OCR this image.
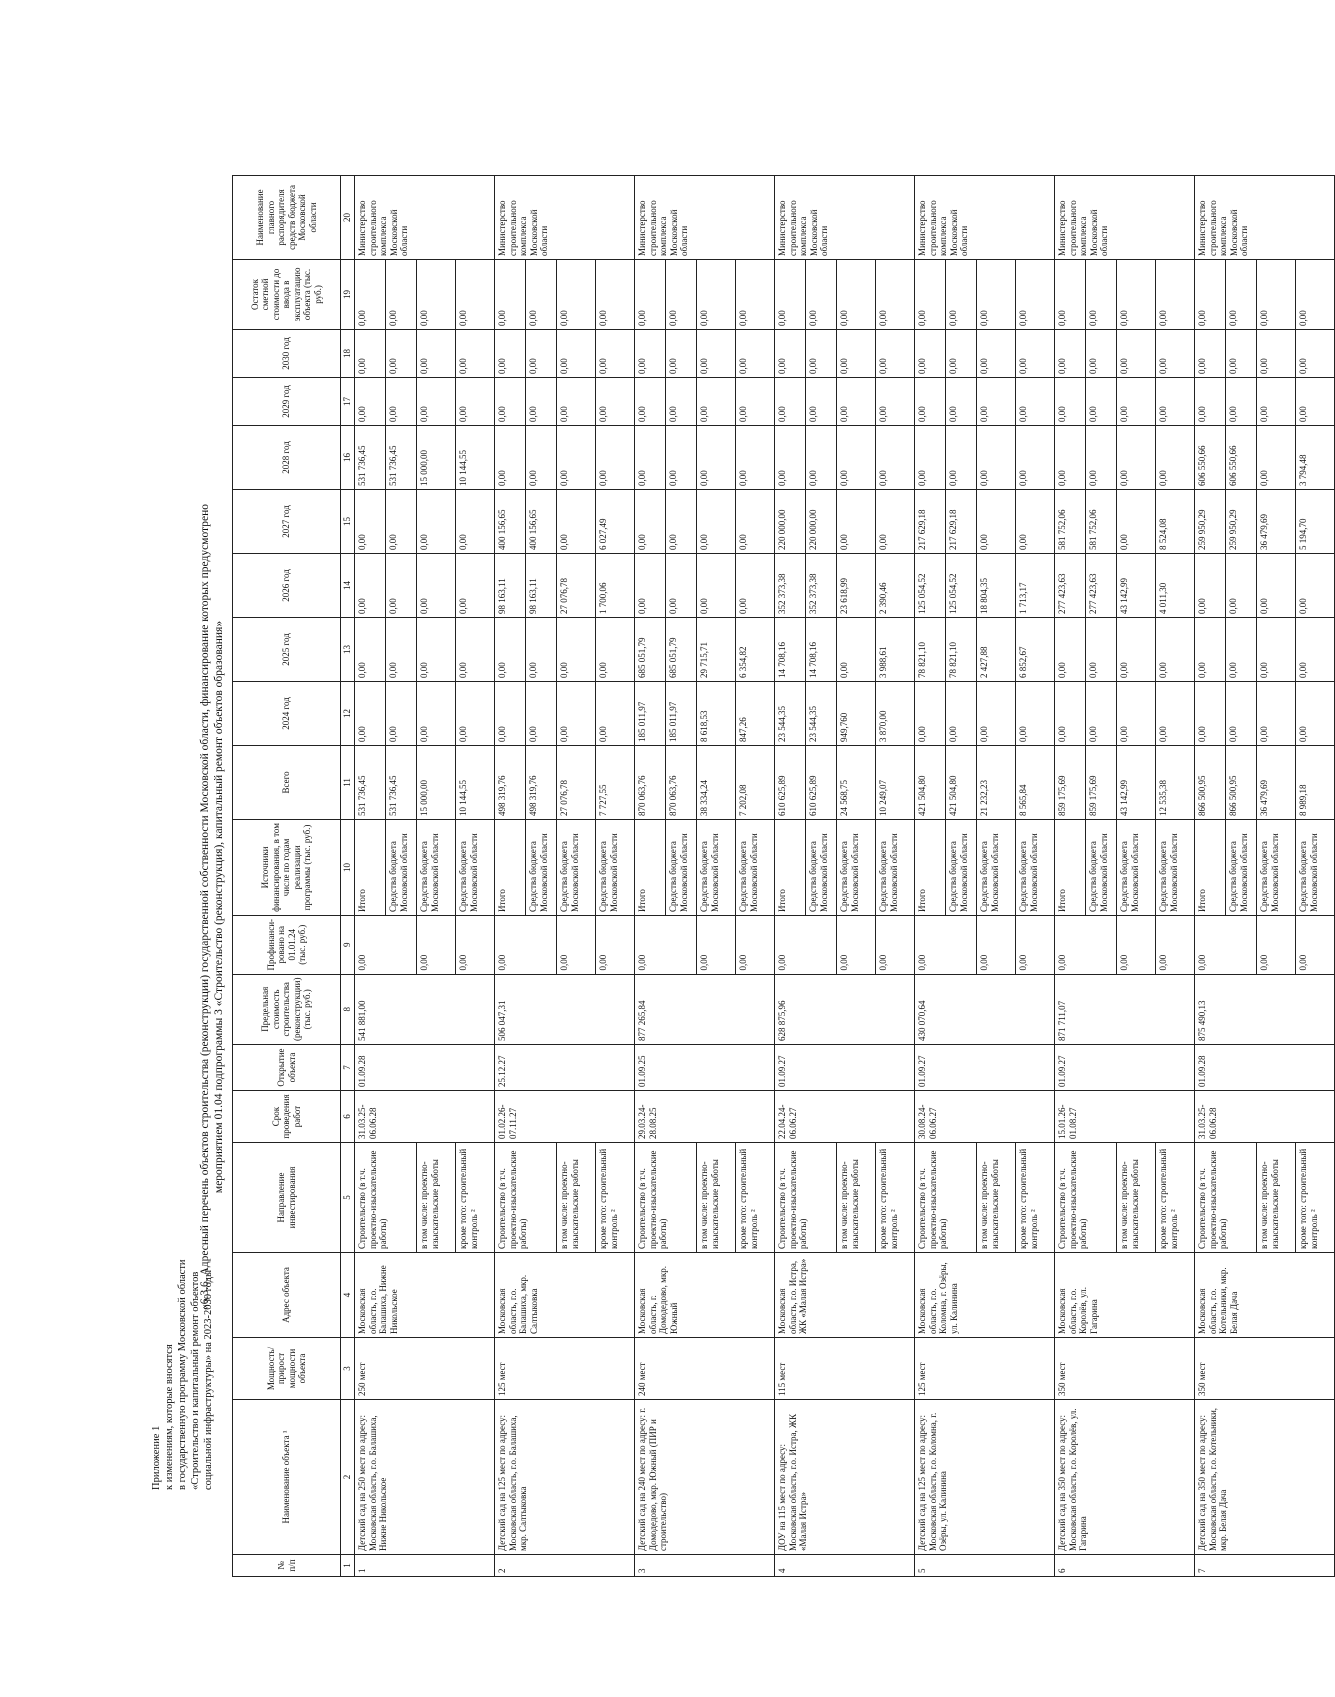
Приложение 1 к изменениям, которые вносятся в государственную программу Московской области «Строительство и капитальный ремонт объектов социальной инфраструктуры» на 2023-2030 годы
«6.3.6. Адресный перечень объектов строительства (реконструкции) государственной собственности Московской области, финансирование которых предусмотрено мероприятием 01.04 подпрограммы 3 «Строительство (реконструкция), капитальный ремонт объектов образования»
№ п/п	Наименование объекта ¹	Мощность/ прирост мощности объекта	Адрес объекта	Направление инвестирования	Срок проведения работ	Открытие объекта	Предельная стоимость строительства (реконструкции) (тыс. руб.)	Профинанси-ровано на 01.01.24 (тыс. руб.)	Источники финансирования, в том числе по годам реализации программы (тыс. руб.)	Всего	2024 год	2025 год	2026 год	2027 год	2028 год	2029 год	2030 год	Остаток сметной стоимости до ввода в эксплуатацию объекта (тыс. руб.)	Наименование главного распорядителя средств бюджета Московской области
1	2	3	4	5	6	7	8	9	10	11	12	13	14	15	16	17	18	19	20
1	Детский сад на 250 мест по адресу: Московская область, г.о. Балашиха, Нижне Никольское	250 мест	Московская область, г.о. Балашиха, Нижне Никольское	Строительство (в т.ч. проектно-изыскательские работы)	31.03.25-06.06.28	01.09.28	541 881,00	0,00	Итого	531 736,45	0,00	0,00	0,00	0,00	531 736,45	0,00	0,00	0,00	Министерство строительного комплекса Московской области
									Средства бюджета Московской области	531 736,45	0,00	0,00	0,00	0,00	531 736,45	0,00	0,00	0,00	
				в том числе: проектно-изыскательские работы				0,00	Средства бюджета Московской области	15 000,00	0,00	0,00	0,00	0,00	15 000,00	0,00	0,00	0,00	
				кроме того: строительный контроль ²				0,00	Средства бюджета Московской области	10 144,55	0,00	0,00	0,00	0,00	10 144,55	0,00	0,00	0,00	
2	Детский сад на 125 мест по адресу: Московская область, г.о. Балашиха, мкр. Салтыковка	125 мест	Московская область, г.о. Балашиха, мкр. Салтыковка	Строительство (в т.ч. проектно-изыскательские работы)	01.02.26-07.11.27	25.12.27	506 047,31	0,00	Итого	498 319,76	0,00	0,00	98 163,11	400 156,65	0,00	0,00	0,00	0,00	Министерство строительного комплекса Московской области
									Средства бюджета Московской области	498 319,76	0,00	0,00	98 163,11	400 156,65	0,00	0,00	0,00	0,00	
				в том числе: проектно-изыскательские работы				0,00	Средства бюджета Московской области	27 076,78	0,00	0,00	27 076,78	0,00	0,00	0,00	0,00	0,00	
				кроме того: строительный контроль ²				0,00	Средства бюджета Московской области	7 727,55	0,00	0,00	1 700,06	6 027,49	0,00	0,00	0,00	0,00	
3	Детский сад на 240 мест по адресу: г. Домодедово, мкр. Южный (ПИР и строительство)	240 мест	Московская область, г. Домодедово, мкр. Южный	Строительство (в т.ч. проектно-изыскательские работы)	29.03.24-28.08.25	01.09.25	877 265,84	0,00	Итого	870 063,76	185 011,97	685 051,79	0,00	0,00	0,00	0,00	0,00	0,00	Министерство строительного комплекса Московской области
									Средства бюджета Московской области	870 063,76	185 011,97	685 051,79	0,00	0,00	0,00	0,00	0,00	0,00	
				в том числе: проектно-изыскательские работы				0,00	Средства бюджета Московской области	38 334,24	8 618,53	29 715,71	0,00	0,00	0,00	0,00	0,00	0,00	
				кроме того: строительный контроль ²				0,00	Средства бюджета Московской области	7 202,08	847,26	6 354,82	0,00	0,00	0,00	0,00	0,00	0,00	
4	ДОУ на 115 мест по адресу: Московская область, г.о. Истра, ЖК «Малая Истра»	115 мест	Московская область, г.о. Истра, ЖК «Малая Истра»	Строительство (в т.ч. проектно-изыскательские работы)	22.04.24-06.06.27	01.09.27	628 875,96	0,00	Итого	610 625,89	23 544,35	14 708,16	352 373,38	220 000,00	0,00	0,00	0,00	0,00	Министерство строительного комплекса Московской области
									Средства бюджета Московской области	610 625,89	23 544,35	14 708,16	352 373,38	220 000,00	0,00	0,00	0,00	0,00	
				в том числе: проектно-изыскательские работы				0,00	Средства бюджета Московской области	24 568,75	949,760	0,00	23 618,99	0,00	0,00	0,00	0,00	0,00	
				кроме того: строительный контроль ²				0,00	Средства бюджета Московской области	10 249,07	3 870,00	3 988,61	2 390,46	0,00	0,00	0,00	0,00	0,00	
5	Детский сад на 125 мест по адресу: Московская область, г.о. Коломна, г. Озёры, ул. Калинина	125 мест	Московская область, г.о. Коломна, г. Озёры, ул. Калинина	Строительство (в т.ч. проектно-изыскательские работы)	30.08.24-06.06.27	01.09.27	430 070,64	0,00	Итого	421 504,80	0,00	78 821,10	125 054,52	217 629,18	0,00	0,00	0,00	0,00	Министерство строительного комплекса Московской области
									Средства бюджета Московской области	421 504,80	0,00	78 821,10	125 054,52	217 629,18	0,00	0,00	0,00	0,00	
				в том числе: проектно-изыскательские работы				0,00	Средства бюджета Московской области	21 232,23	0,00	2 427,88	18 804,35	0,00	0,00	0,00	0,00	0,00	
				кроме того: строительный контроль ²				0,00	Средства бюджета Московской области	8 565,84	0,00	6 852,67	1 713,17	0,00	0,00	0,00	0,00	0,00	
6	Детский сад на 350 мест по адресу: Московская область, г.о. Королёв, ул. Гагарина	350 мест	Московская область, г.о. Королёв, ул. Гагарина	Строительство (в т.ч. проектно-изыскательские работы)	15.01.26-01.08.27	01.09.27	871 711,07	0,00	Итого	859 175,69	0,00	0,00	277 423,63	581 752,06	0,00	0,00	0,00	0,00	Министерство строительного комплекса Московской области
									Средства бюджета Московской области	859 175,69	0,00	0,00	277 423,63	581 752,06	0,00	0,00	0,00	0,00	
				в том числе: проектно-изыскательские работы				0,00	Средства бюджета Московской области	43 142,99	0,00	0,00	43 142,99	0,00	0,00	0,00	0,00	0,00	
				кроме того: строительный контроль ²				0,00	Средства бюджета Московской области	12 535,38	0,00	0,00	4 011,30	8 524,08	0,00	0,00	0,00	0,00	
7	Детский сад на 350 мест по адресу: Московская область, г.о. Котельники, мкр. Белая Дача	350 мест	Московская область, г.о. Котельники, мкр. Белая Дача	Строительство (в т.ч. проектно-изыскательские работы)	31.03.25-06.06.28	01.09.28	875 490,13	0,00	Итого	866 500,95	0,00	0,00	0,00	259 950,29	606 550,66	0,00	0,00	0,00	Министерство строительного комплекса Московской области
									Средства бюджета Московской области	866 500,95	0,00	0,00	0,00	259 950,29	606 550,66	0,00	0,00	0,00	
				в том числе: проектно-изыскательские работы				0,00	Средства бюджета Московской области	36 479,69	0,00	0,00	0,00	36 479,69	0,00	0,00	0,00	0,00	
				кроме того: строительный контроль ²				0,00	Средства бюджета Московской области	8 989,18	0,00	0,00	0,00	5 194,70	3 794,48	0,00	0,00	0,00	
